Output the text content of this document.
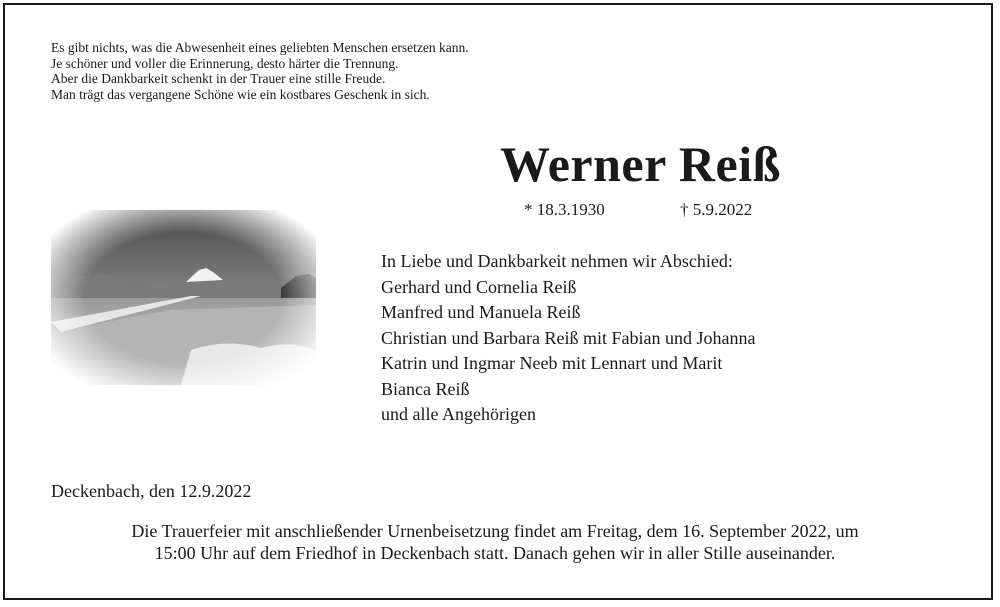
Es gibt nichts, was die Abwesenheit eines geliebten Menschen ersetzen kann.
Je schöner und voller die Erinnerung, desto härter die Trennung.
Aber die Dankbarkeit schenkt in der Trauer eine stille Freude.
Man trägt das vergangene Schöne wie ein kostbares Geschenk in sich.
Werner Reiß
* 18.3.1930	† 5.9.2022
In Liebe und Dankbarkeit nehmen wir Abschied:
Gerhard und Cornelia Reiß
Manfred und Manuela Reiß
Christian und Barbara Reiß mit Fabian und Johanna
Katrin und Ingmar Neeb mit Lennart und Marit
Bianca Reiß
und alle Angehörigen
Deckenbach, den 12.9.2022
Die Trauerfeier mit anschließender Urnenbeisetzung findet am Freitag, dem 16. September 2022, um
15:00 Uhr auf dem Friedhof in Deckenbach statt. Danach gehen wir in aller Stille auseinander.
